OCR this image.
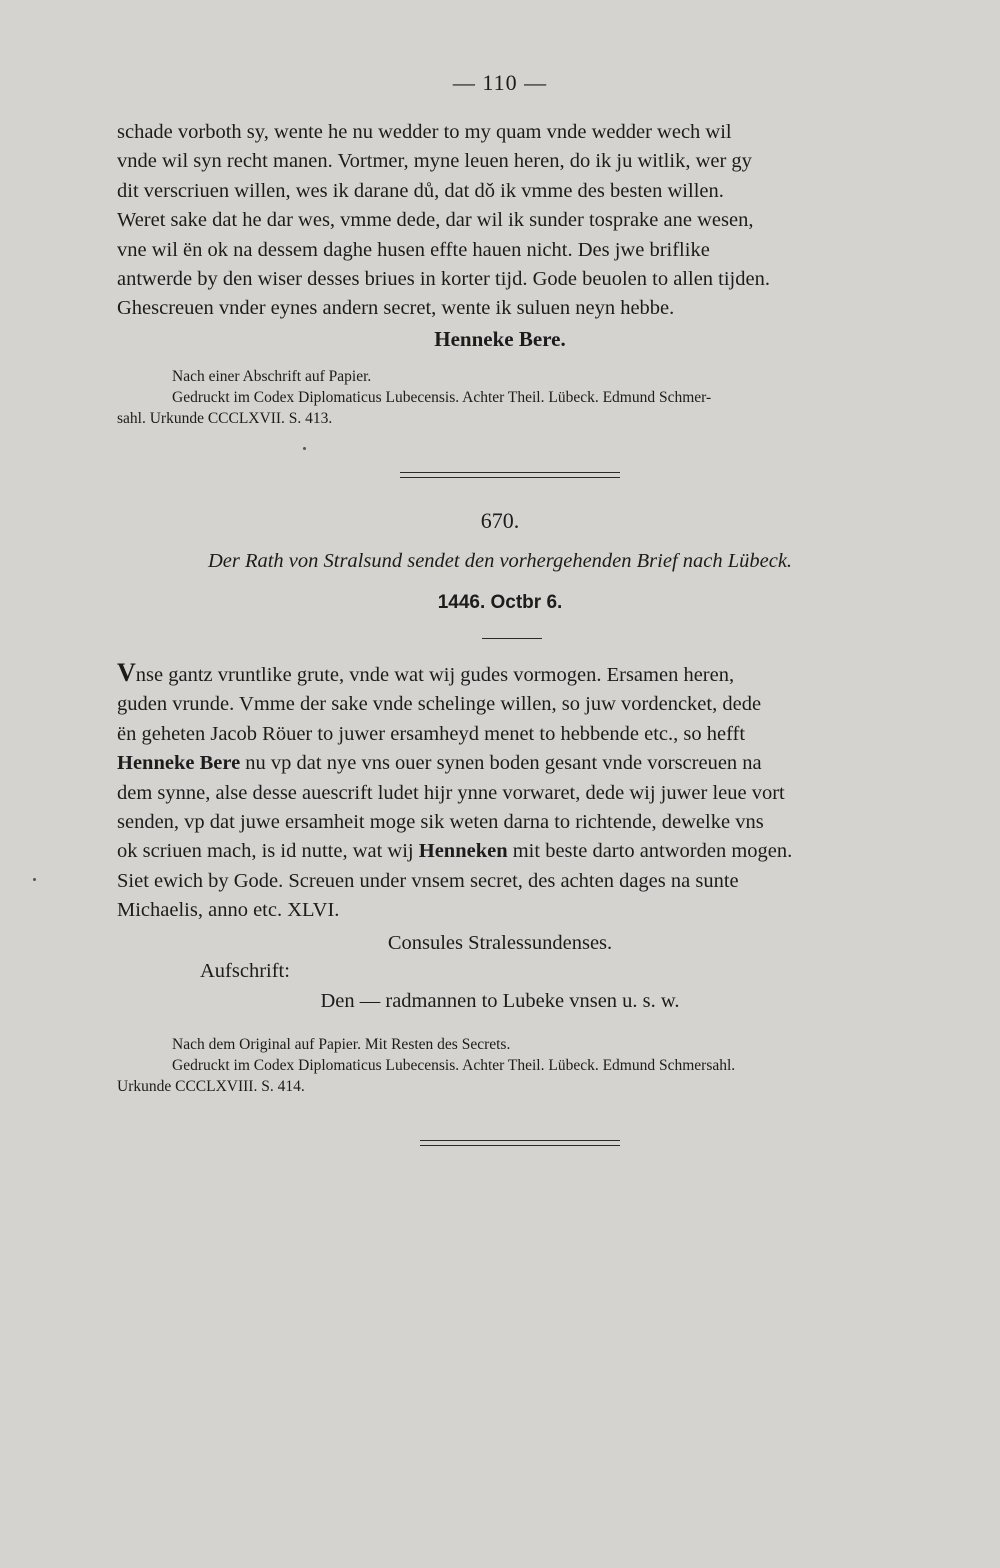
— 110 —

schade vorboth sy, wente he nu wedder to my quam vnde wedder wech wil

vnde wil syn recht manen. Vortmer, myne leuen heren, do ik ju witlik, wer gy

dit verscriuen willen, wes ik darane dů, dat dǒ ik vmme des besten willen.

Weret sake dat he dar wes, vmme dede, dar wil ik sunder tosprake ane wesen,

vne wil ën ok na dessem daghe husen effte hauen nicht. Des jwe briflike

antwerde by den wiser desses brіues in korter tijd. Gode beuolen to allen tijden.

Ghescreuen vnder eynes andern secret, wente ik suluen neyn hebbe.

Henneke Bere.

Nach einer Abschrift auf Papier.

Gedruckt im Codex Diplomaticus Lubecensis. Achter Theil. Lübeck. Edmund Schmer-

sahl. Urkunde CCCLXVII. S. 413.

670.
Der Rath von Stralsund sendet den vorhergehenden Brief nach Lübeck.
1446. Octbr 6.

Vnse gantz vruntlike grute, vnde wat wij gudes vormogen. Ersamen heren,

guden vrunde. Vmme der sake vnde schelinge willen, so juw vordencket, dede

ën geheten Jacob Röuer to juwer ersamheyd menet to hebbende etc., so hefft

Henneke Bere nu vp dat nye vns ouer synen boden gesant vnde vorscreuen na

dem synne, alse desse auescrift ludet hijr ynne vorwaret, dede wij juwer leue vort

senden, vp dat juwe ersamheit moge sik weten darna to richtende, dewelke vns

ok scriuen mach, is id nutte, wat wij Henneken mit beste darto antworden mogen.

Siet ewich by Gode. Screuen under vnsem secret, des achten dages na sunte

Michaelis, anno etc. XLVI.

Consules Stralessundenses.
Aufschrift:
Den — radmannen to Lubeke vnsen u. s. w.

Nach dem Original auf Papier. Mit Resten des Secrets.

Gedruckt im Codex Diplomaticus Lubecensis. Achter Theil. Lübeck. Edmund Schmersahl.

Urkunde CCCLXVIII. S. 414.
